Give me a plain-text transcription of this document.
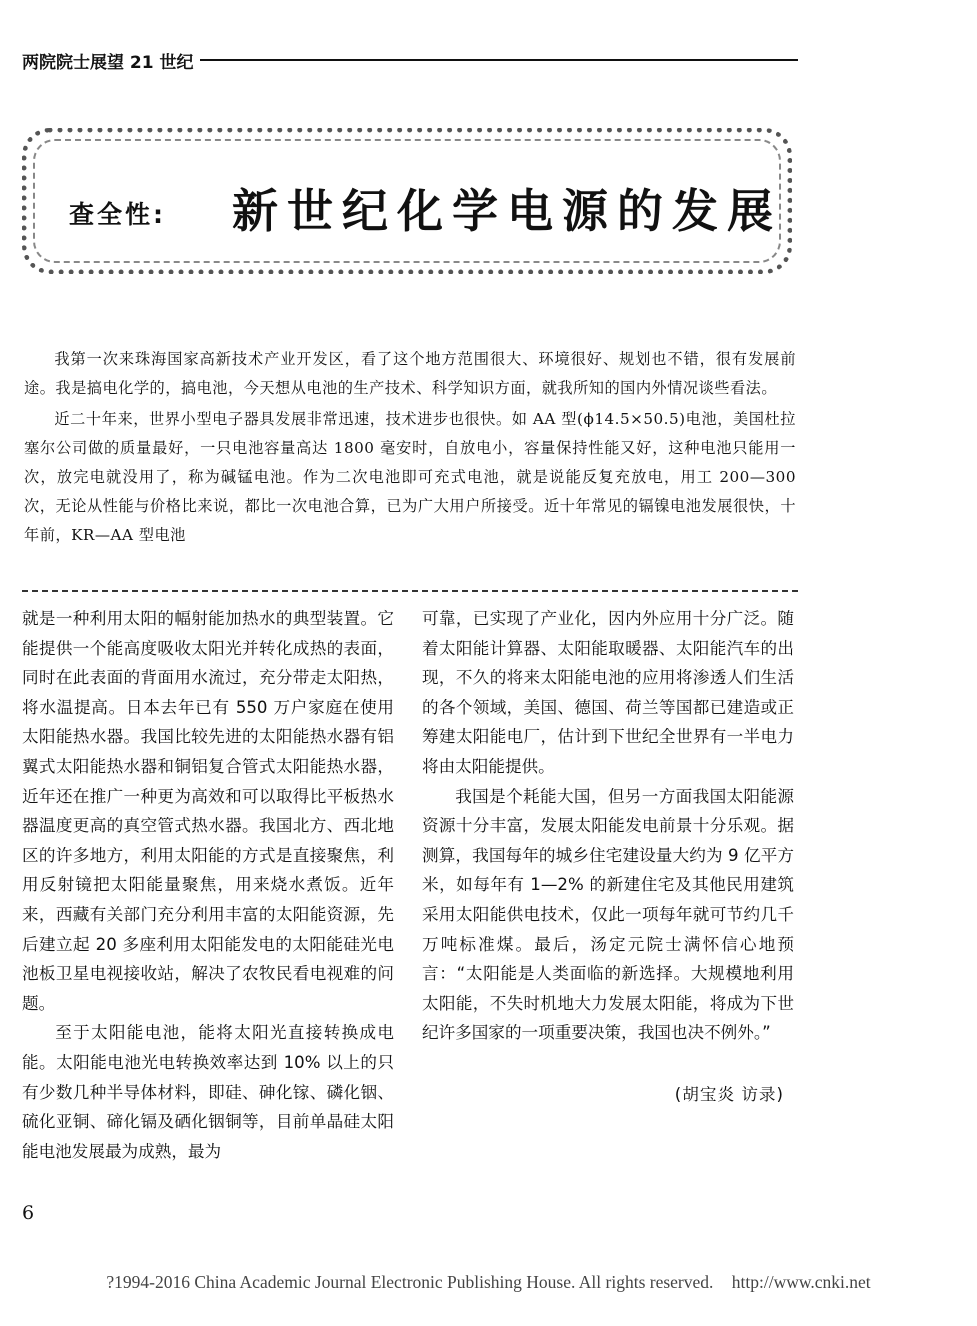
两院院士展望 21 世纪
查全性: 新世纪化学电源的发展

我第一次来珠海国家高新技术产业开发区，看了这个地方范围很大、环境很好、规划也不错，很有发展前途。我是搞电化学的，搞电池，今天想从电池的生产技术、科学知识方面，就我所知的国内外情况谈些看法。

近二十年来，世界小型电子器具发展非常迅速，技术进步也很快。如 AA 型(ϕ14.5×50.5)电池，美国杜拉塞尔公司做的质量最好，一只电池容量高达 1800 毫安时，自放电小，容量保持性能又好，这种电池只能用一次，放完电就没用了，称为碱锰电池。作为二次电池即可充式电池，就是说能反复充放电，用工 200—300 次，无论从性能与价格比来说，都比一次电池合算，已为广大用户所接受。近十年常见的镉镍电池发展很快，十年前，KR—AA 型电池

就是一种利用太阳的幅射能加热水的典型装置。它能提供一个能高度吸收太阳光并转化成热的表面，同时在此表面的背面用水流过，充分带走太阳热，将水温提高。日本去年已有 550 万户家庭在使用太阳能热水器。我国比较先进的太阳能热水器有铝翼式太阳能热水器和铜铝复合管式太阳能热水器，近年还在推广一种更为高效和可以取得比平板热水器温度更高的真空管式热水器。我国北方、西北地区的许多地方，利用太阳能的方式是直接聚焦，利用反射镜把太阳能量聚焦，用来烧水煮饭。近年来，西藏有关部门充分利用丰富的太阳能资源，先后建立起 20 多座利用太阳能发电的太阳能硅光电池板卫星电视接收站，解决了农牧民看电视难的问题。

至于太阳能电池，能将太阳光直接转换成电能。太阳能电池光电转换效率达到 10% 以上的只有少数几种半导体材料，即硅、砷化镓、磷化铟、硫化亚铜、碲化镉及硒化铟铜等，目前单晶硅太阳能电池发展最为成熟，最为

可靠，已实现了产业化，因内外应用十分广泛。随着太阳能计算器、太阳能取暖器、太阳能汽车的出现，不久的将来太阳能电池的应用将渗透人们生活的各个领域，美国、德国、荷兰等国都已建造或正筹建太阳能电厂，估计到下世纪全世界有一半电力将由太阳能提供。

我国是个耗能大国，但另一方面我国太阳能源资源十分丰富，发展太阳能发电前景十分乐观。据测算，我国每年的城乡住宅建设量大约为 9 亿平方米，如每年有 1—2% 的新建住宅及其他民用建筑采用太阳能供电技术，仅此一项每年就可节约几千万吨标准煤。最后，汤定元院士满怀信心地预言：“太阳能是人类面临的新选择。大规模地利用太阳能，不失时机地大力发展太阳能，将成为下世纪许多国家的一项重要决策，我国也决不例外。”

(胡宝炎 访录)

6
?1994-2016 China Academic Journal Electronic Publishing House. All rights reserved. http://www.cnki.net
